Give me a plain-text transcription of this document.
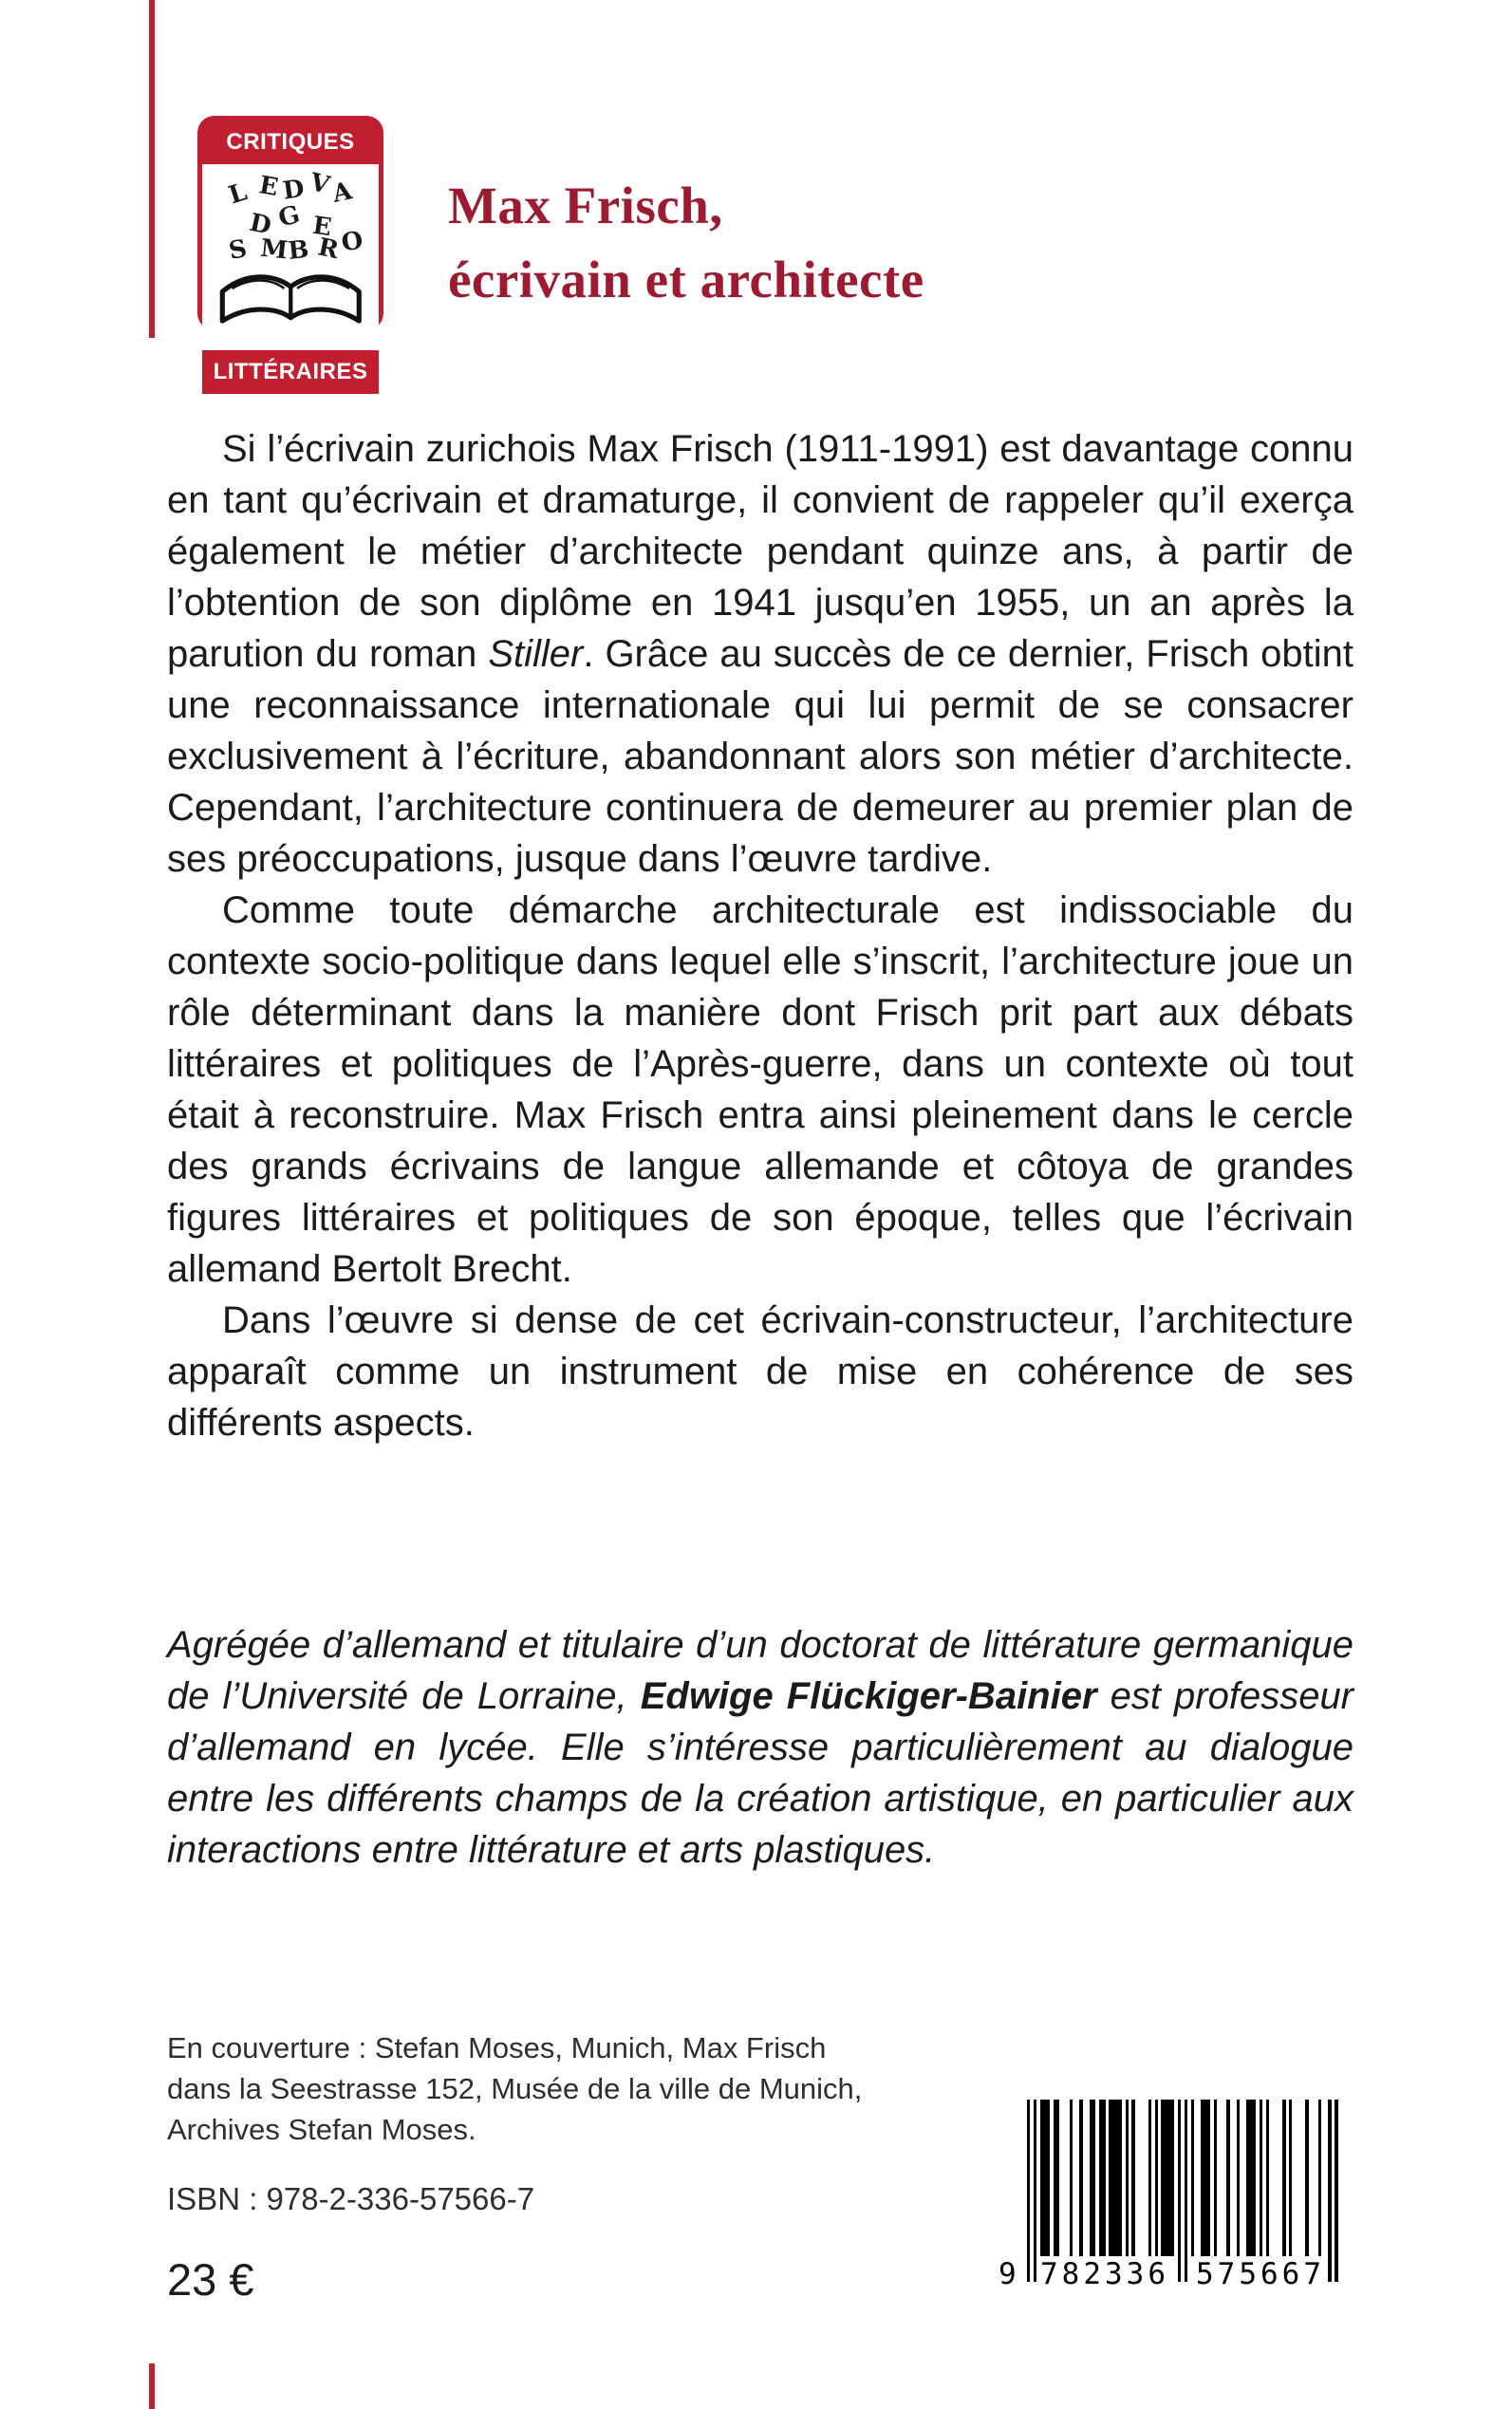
CRITIQUES
L E D V
A
D G E
S M
B R
O
LITTÉRAIRES
Max Frisch,
écrivain et architecte

Si l’écrivain zurichois Max Frisch (1911-1991) est davantage connu en tant qu’écrivain et dramaturge, il convient de rappeler qu’il exerça également le métier d’architecte pendant quinze ans, à partir de l’obtention de son diplôme en 1941 jusqu’en 1955, un an après la parution du roman Stiller. Grâce au succès de ce dernier, Frisch obtint une reconnaissance internationale qui lui permit de se consacrer exclusivement à l’écriture, abandonnant alors son métier d’architecte. Cependant, l’architecture continuera de demeurer au premier plan de ses préoccupations, jusque dans l’œuvre tardive.

Comme toute démarche architecturale est indissociable du contexte socio-politique dans lequel elle s’inscrit, l’architecture joue un rôle déterminant dans la manière dont Frisch prit part aux débats littéraires et politiques de l’Après-guerre, dans un contexte où tout était à reconstruire. Max Frisch entra ainsi pleinement dans le cercle des grands écrivains de langue allemande et côtoya de grandes figures littéraires et politiques de son époque, telles que l’écrivain allemand Bertolt Brecht.

Dans l’œuvre si dense de cet écrivain-constructeur, l’architecture apparaît comme un instrument de mise en cohérence de ses différents aspects.

Agrégée d’allemand et titulaire d’un doctorat de littérature germanique de l’Université de Lorraine, Edwige Flückiger-Bainier est professeur d’allemand en lycée. Elle s’intéresse particulièrement au dialogue entre les différents champs de la création artistique, en particulier aux interactions entre littérature et arts plastiques.
En couverture : Stefan Moses, Munich, Max Frisch
dans la Seestrasse 152, Musée de la ville de Munich,
Archives Stefan Moses.
ISBN : 978-2-336-57566-7
23 €	9 782336 575667
